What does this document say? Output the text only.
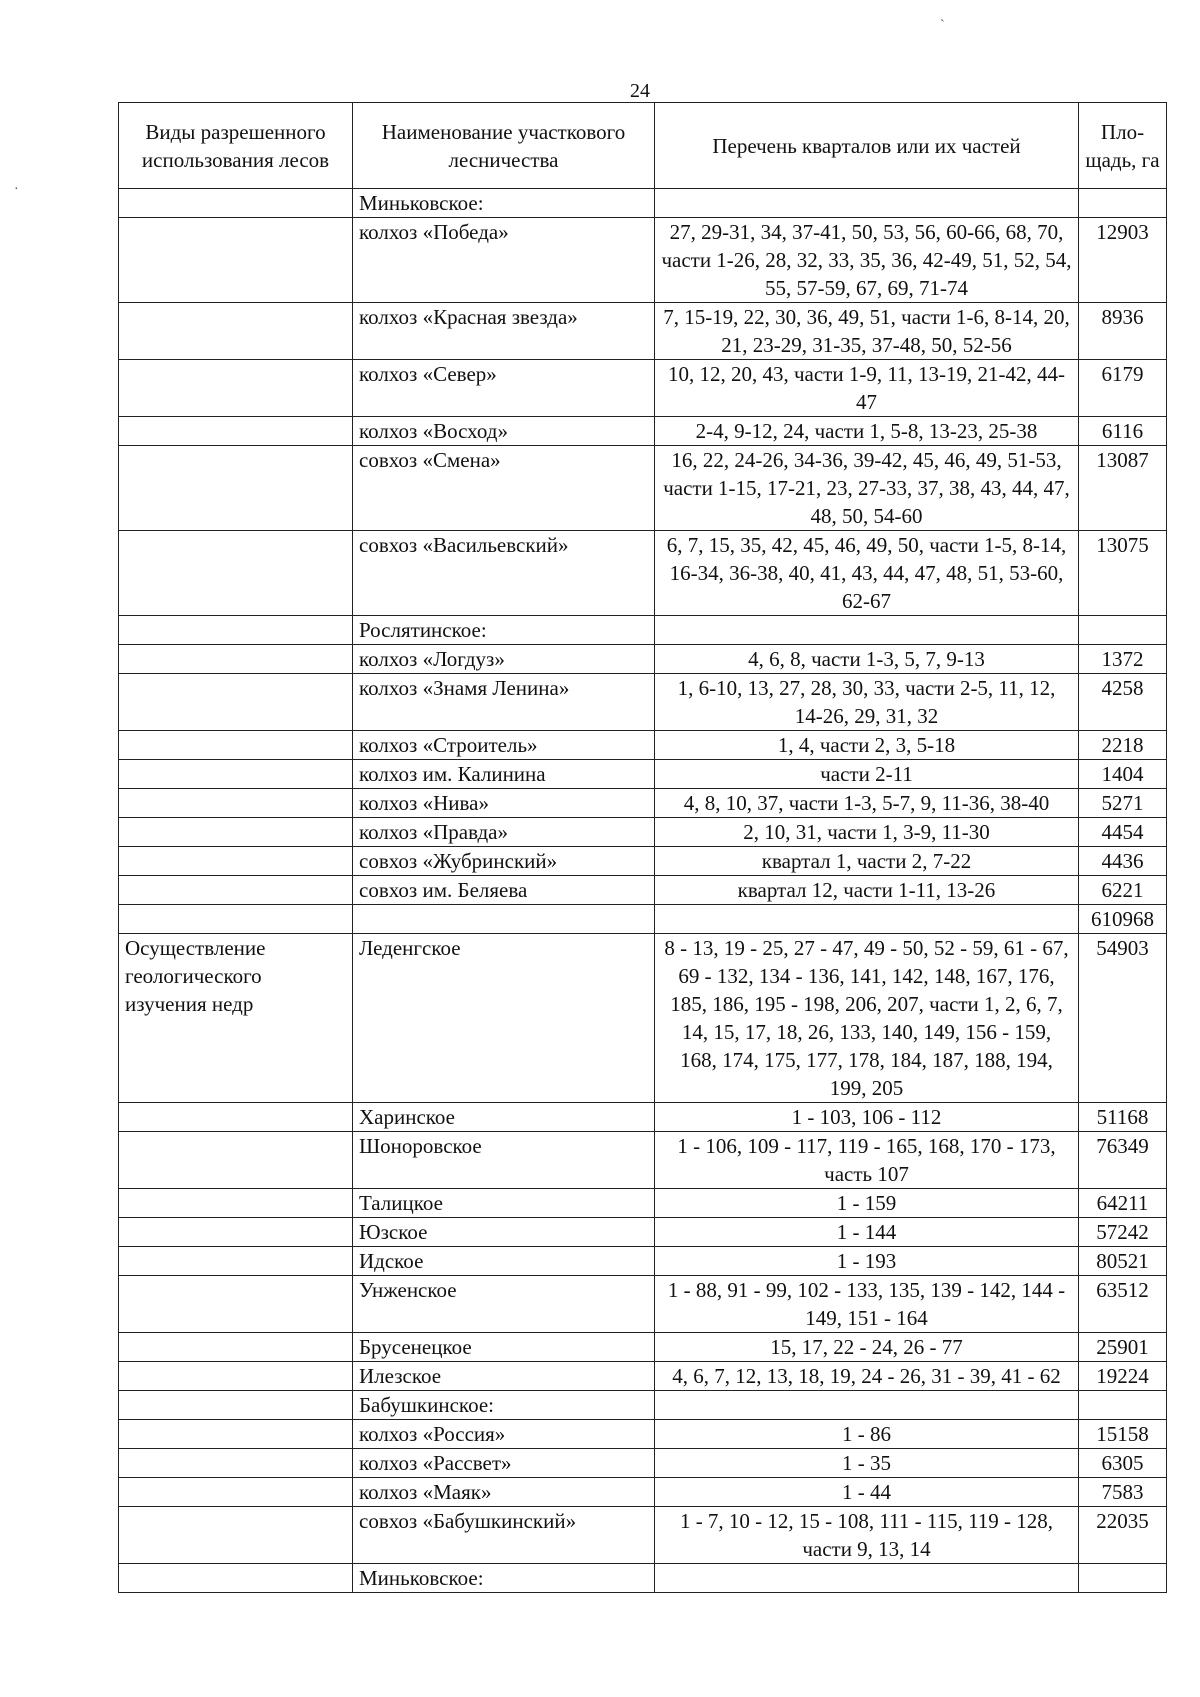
24
ˋ
·
Виды разрешенного использования лесов	Наименование участкового лесничества	Перечень кварталов или их частей	Пло-щадь, га
	Миньковское:		
	колхоз «Победа»	27, 29-31, 34, 37-41, 50, 53, 56, 60-66, 68, 70, части 1-26, 28, 32, 33, 35, 36, 42-49, 51, 52, 54, 55, 57-59, 67, 69, 71-74	12903
	колхоз «Красная звезда»	7, 15-19, 22, 30, 36, 49, 51, части 1-6, 8-14, 20, 21, 23-29, 31-35, 37-48, 50, 52-56	8936
	колхоз «Север»	10, 12, 20, 43, части 1-9, 11, 13-19, 21-42, 44-47	6179
	колхоз «Восход»	2-4, 9-12, 24, части 1, 5-8, 13-23, 25-38	6116
	совхоз «Смена»	16, 22, 24-26, 34-36, 39-42, 45, 46, 49, 51-53, части 1-15, 17-21, 23, 27-33, 37, 38, 43, 44, 47, 48, 50, 54-60	13087
	совхоз «Васильевский»	6, 7, 15, 35, 42, 45, 46, 49, 50, части 1-5, 8-14, 16-34, 36-38, 40, 41, 43, 44, 47, 48, 51, 53-60, 62-67	13075
	Рослятинское:		
	колхоз «Логдуз»	4, 6, 8, части 1-3, 5, 7, 9-13	1372
	колхоз «Знамя Ленина»	1, 6-10, 13, 27, 28, 30, 33, части 2-5, 11, 12, 14-26, 29, 31, 32	4258
	колхоз «Строитель»	1, 4, части 2, 3, 5-18	2218
	колхоз им. Калинина	части 2-11	1404
	колхоз «Нива»	4, 8, 10, 37, части 1-3, 5-7, 9, 11-36, 38-40	5271
	колхоз «Правда»	2, 10, 31, части 1, 3-9, 11-30	4454
	совхоз «Жубринский»	квартал 1, части 2, 7-22	4436
	совхоз им. Беляева	квартал 12, части 1-11, 13-26	6221
			610968
Осуществление геологического изучения недр	Леденгское	8 - 13, 19 - 25, 27 - 47, 49 - 50, 52 - 59, 61 - 67, 69 - 132, 134 - 136, 141, 142, 148, 167, 176, 185, 186, 195 - 198, 206, 207, части 1, 2, 6, 7, 14, 15, 17, 18, 26, 133, 140, 149, 156 - 159, 168, 174, 175, 177, 178, 184, 187, 188, 194, 199, 205	54903
	Харинское	1 - 103, 106 - 112	51168
	Шоноровское	1 - 106, 109 - 117, 119 - 165, 168, 170 - 173, часть 107	76349
	Талицкое	1 - 159	64211
	Юзское	1 - 144	57242
	Идское	1 - 193	80521
	Унженское	1 - 88, 91 - 99, 102 - 133, 135, 139 - 142, 144 - 149, 151 - 164	63512
	Брусенецкое	15, 17, 22 - 24, 26 - 77	25901
	Илезское	4, 6, 7, 12, 13, 18, 19, 24 - 26, 31 - 39, 41 - 62	19224
	Бабушкинское:		
	колхоз «Россия»	1 - 86	15158
	колхоз «Рассвет»	1 - 35	6305
	колхоз «Маяк»	1 - 44	7583
	совхоз «Бабушкинский»	1 - 7, 10 - 12, 15 - 108, 111 - 115, 119 - 128, части 9, 13, 14	22035
	Миньковское:		
